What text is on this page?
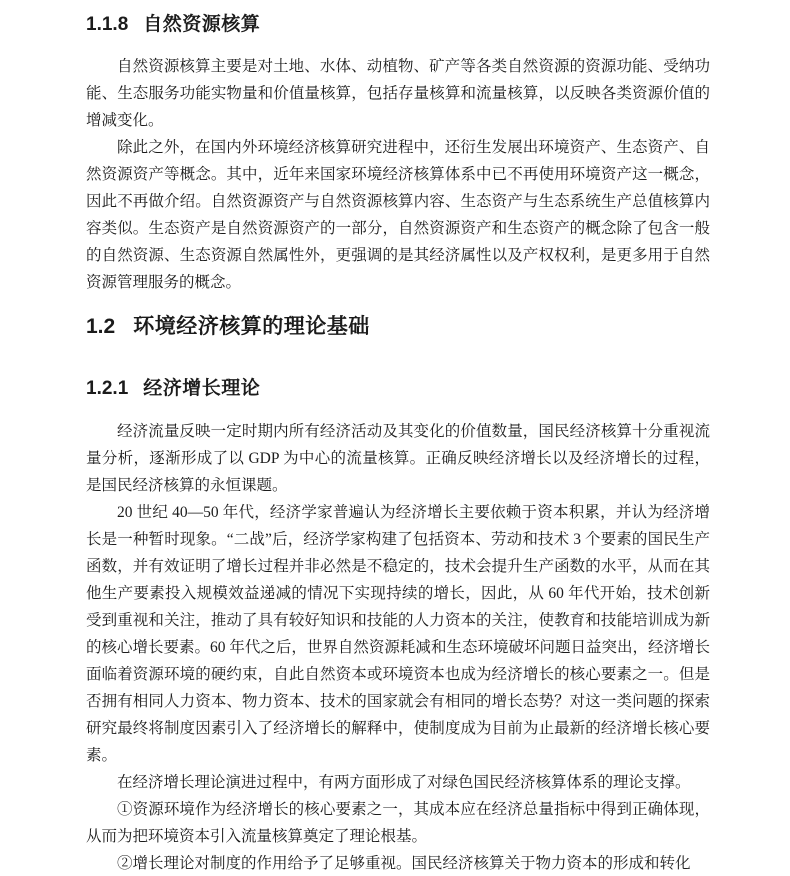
1.1.8 自然资源核算

自然资源核算主要是对土地、水体、动植物、矿产等各类自然资源的资源功能、受纳功能、生态服务功能实物量和价值量核算，包括存量核算和流量核算，以反映各类资源价值的增减变化。

除此之外，在国内外环境经济核算研究进程中，还衍生发展出环境资产、生态资产、自然资源资产等概念。其中，近年来国家环境经济核算体系中已不再使用环境资产这一概念，因此不再做介绍。自然资源资产与自然资源核算内容、生态资产与生态系统生产总值核算内容类似。生态资产是自然资源资产的一部分，自然资源资产和生态资产的概念除了包含一般的自然资源、生态资源自然属性外，更强调的是其经济属性以及产权权利，是更多用于自然资源管理服务的概念。

1.2 环境经济核算的理论基础
1.2.1 经济增长理论

经济流量反映一定时期内所有经济活动及其变化的价值数量，国民经济核算十分重视流量分析，逐渐形成了以 GDP 为中心的流量核算。正确反映经济增长以及经济增长的过程，是国民经济核算的永恒课题。

20 世纪 40—50 年代，经济学家普遍认为经济增长主要依赖于资本积累，并认为经济增长是一种暂时现象。“二战”后，经济学家构建了包括资本、劳动和技术 3 个要素的国民生产函数，并有效证明了增长过程并非必然是不稳定的，技术会提升生产函数的水平，从而在其他生产要素投入规模效益递减的情况下实现持续的增长，因此，从 60 年代开始，技术创新受到重视和关注，推动了具有较好知识和技能的人力资本的关注，使教育和技能培训成为新的核心增长要素。60 年代之后，世界自然资源耗减和生态环境破坏问题日益突出，经济增长面临着资源环境的硬约束，自此自然资本或环境资本也成为经济增长的核心要素之一。但是否拥有相同人力资本、物力资本、技术的国家就会有相同的增长态势？对这一类问题的探索研究最终将制度因素引入了经济增长的解释中，使制度成为目前为止最新的经济增长核心要素。

在经济增长理论演进过程中，有两方面形成了对绿色国民经济核算体系的理论支撑。

①资源环境作为经济增长的核心要素之一，其成本应在经济总量指标中得到正确体现，从而为把环境资本引入流量核算奠定了理论根基。

②增长理论对制度的作用给予了足够重视。国民经济核算关于物力资本的形成和转化
